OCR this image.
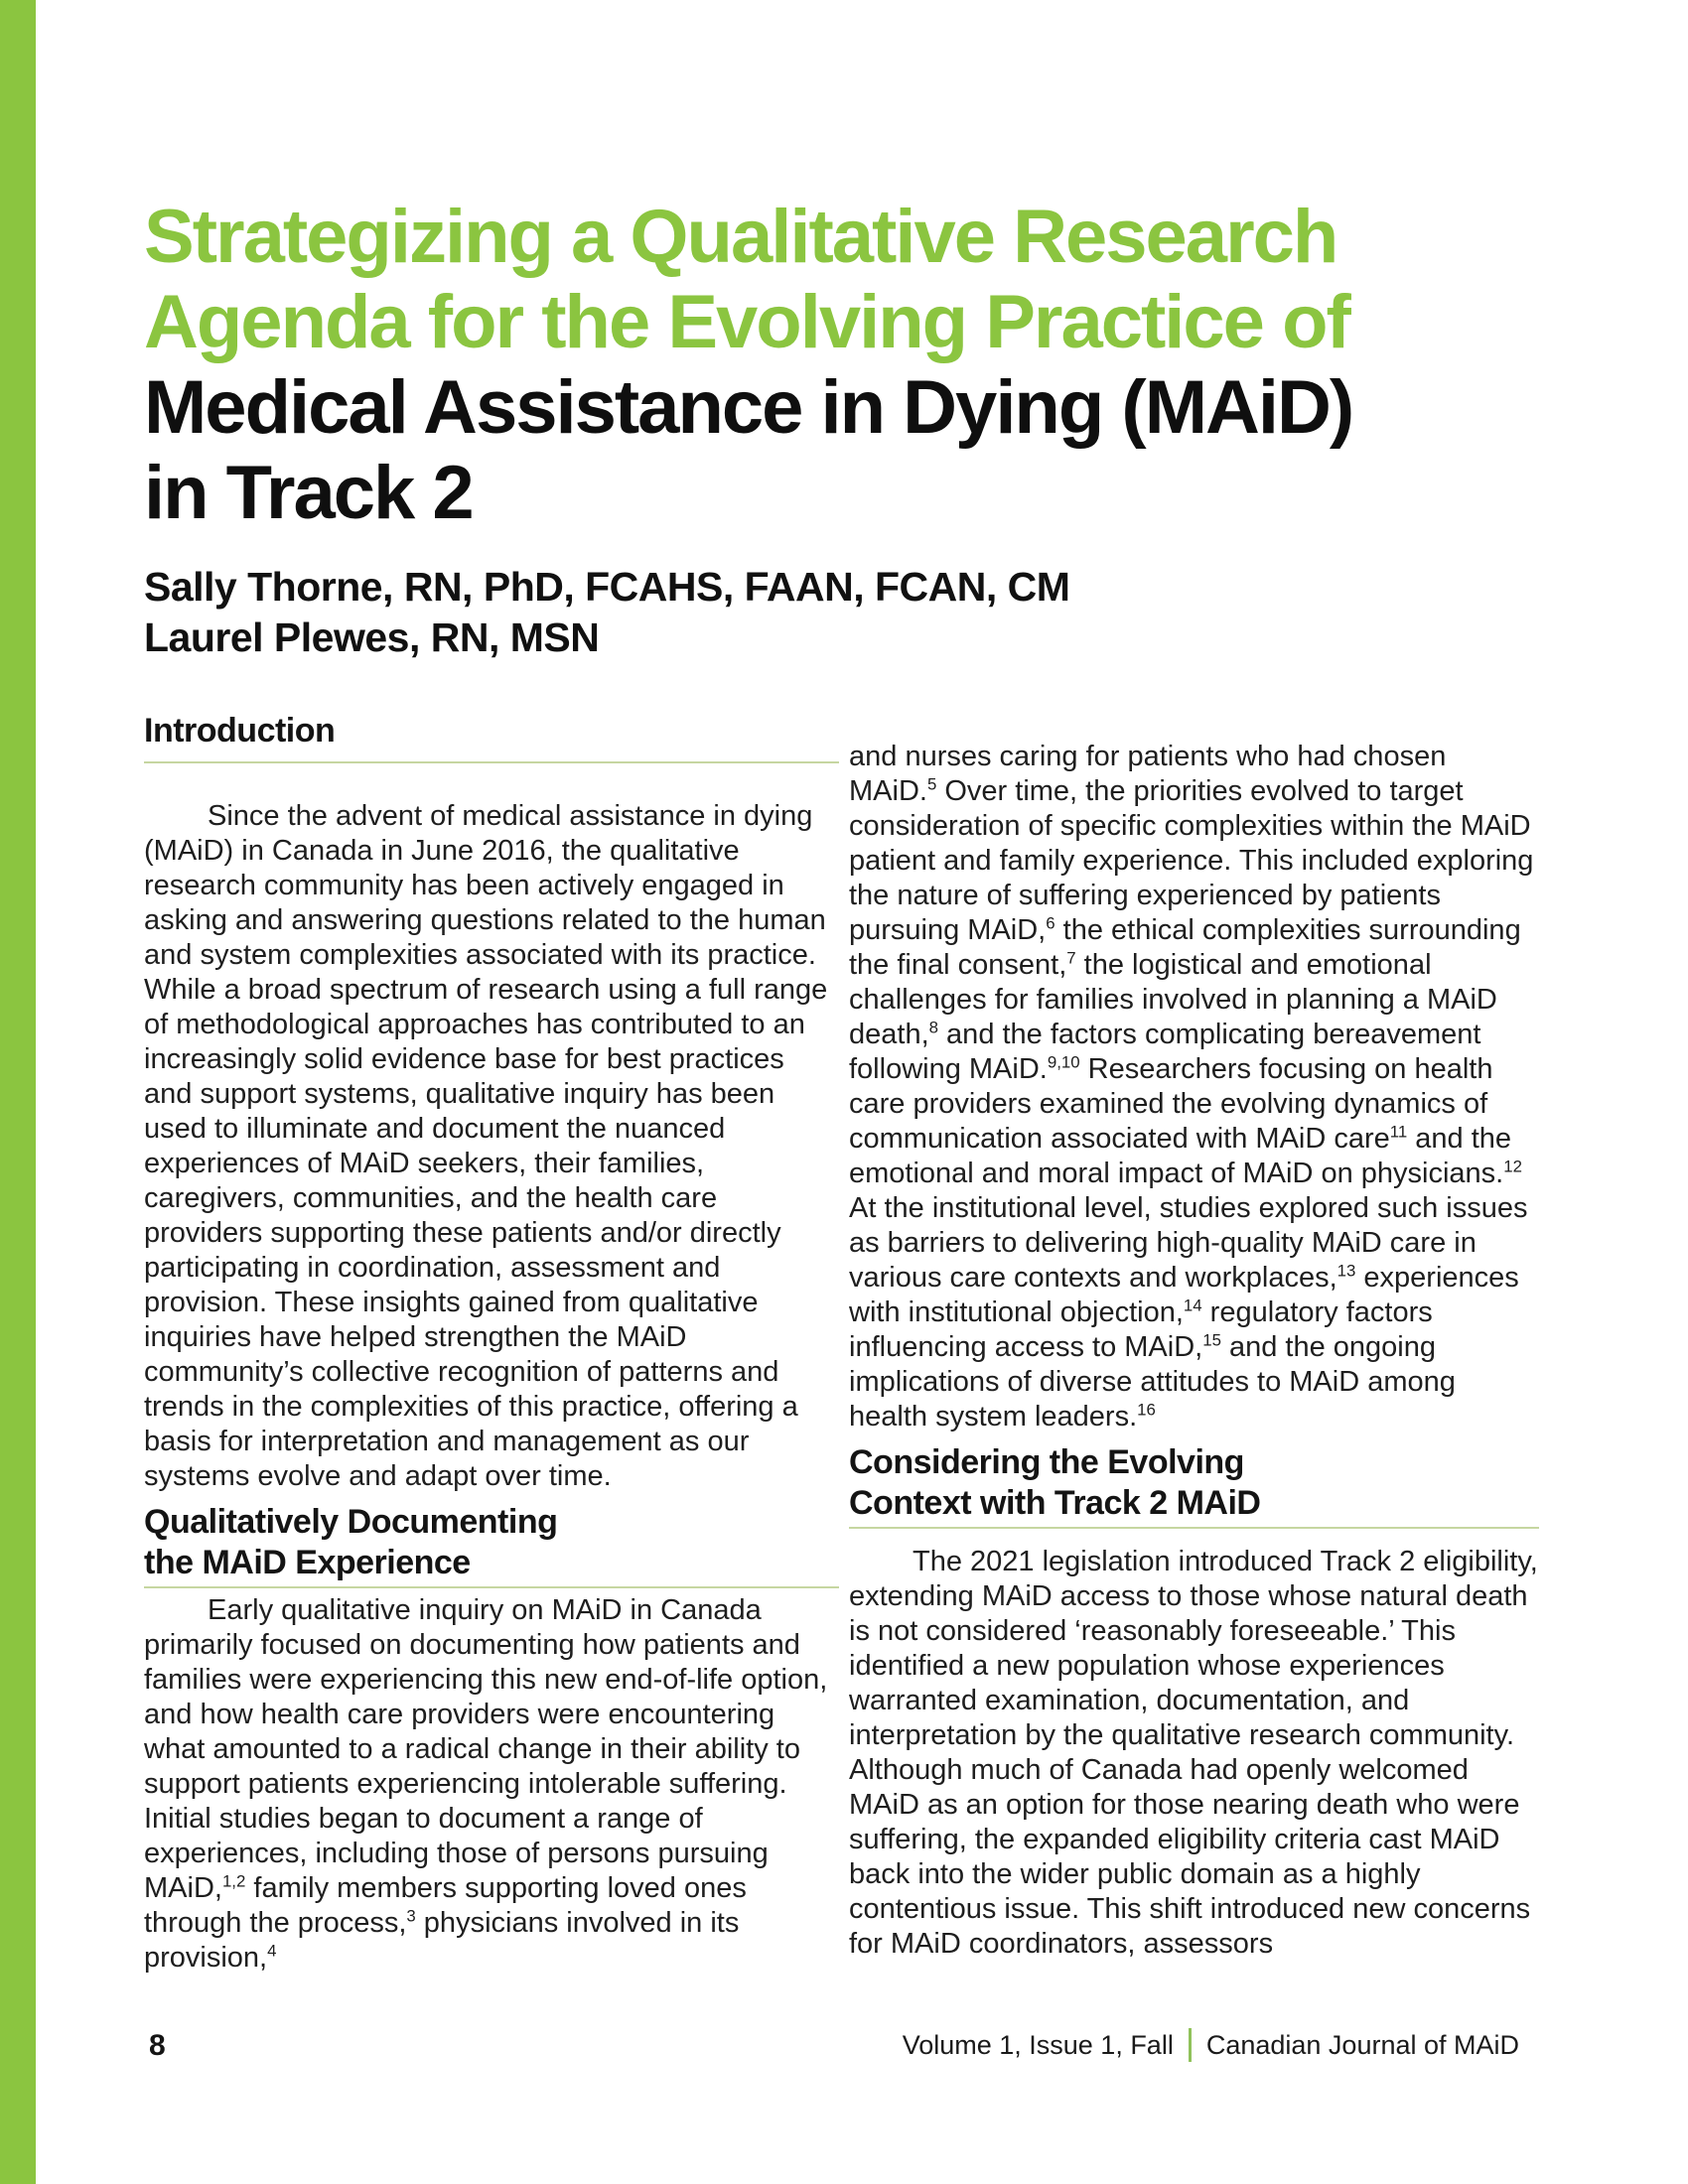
Strategizing a Qualitative Research
Agenda for the Evolving Practice of
Medical Assistance in Dying (MAiD)
in Track 2
Sally Thorne, RN, PhD, FCAHS, FAAN, FCAN, CM
Laurel Plewes, RN, MSN
Introduction

Since the advent of medical assistance in dying (MAiD) in Canada in June 2016, the qualitative research community has been actively engaged in asking and answering questions related to the human and system complexities associated with its practice. While a broad spectrum of research using a full range of methodological approaches has contributed to an increasingly solid evidence base for best practices and support systems, qualitative inquiry has been used to illuminate and document the nuanced experiences of MAiD seekers, their families, caregivers, communities, and the health care providers supporting these patients and/or directly participating in coordination, assessment and provision. These insights gained from qualitative inquiries have helped strengthen the MAiD community’s collective recognition of patterns and trends in the complexities of this practice, offering a basis for interpretation and management as our systems evolve and adapt over time.

Qualitatively Documenting
the MAiD Experience

Early qualitative inquiry on MAiD in Canada primarily focused on documenting how patients and families were experiencing this new end-of-life option, and how health care providers were encountering what amounted to a radical change in their ability to support patients experiencing intolerable suffering. Initial studies began to document a range of experiences, including those of persons pursuing MAiD,$^{1,2}$ family members supporting loved ones through the process,$^3$ physicians involved in its provision,$^4$

and nurses caring for patients who had chosen MAiD.$^5$ Over time, the priorities evolved to target consideration of specific complexities within the MAiD patient and family experience. This included exploring the nature of suffering experienced by patients pursuing MAiD,$^6$ the ethical complexities surrounding the final consent,$^7$ the logistical and emotional challenges for families involved in planning a MAiD death,$^8$ and the factors complicating bereavement following MAiD.$^{9,10}$ Researchers focusing on health care providers examined the evolving dynamics of communication associated with MAiD care$^{11}$ and the emotional and moral impact of MAiD on physicians.$^{12}$ At the institutional level, studies explored such issues as barriers to delivering high-quality MAiD care in various care contexts and workplaces,$^{13}$ experiences with institutional objection,$^{14}$ regulatory factors influencing access to MAiD,$^{15}$ and the ongoing implications of diverse attitudes to MAiD among health system leaders.$^{16}$

Considering the Evolving
Context with Track 2 MAiD

The 2021 legislation introduced Track 2 eligibility, extending MAiD access to those whose natural death is not considered ‘reasonably foreseeable.’ This identified a new population whose experiences warranted examination, documentation, and interpretation by the qualitative research community. Although much of Canada had openly welcomed MAiD as an option for those nearing death who were suffering, the expanded eligibility criteria cast MAiD back into the wider public domain as a highly contentious issue. This shift introduced new concerns for MAiD coordinators, assessors

8	Volume 1, Issue 1, Fall Canadian Journal of MAiD
